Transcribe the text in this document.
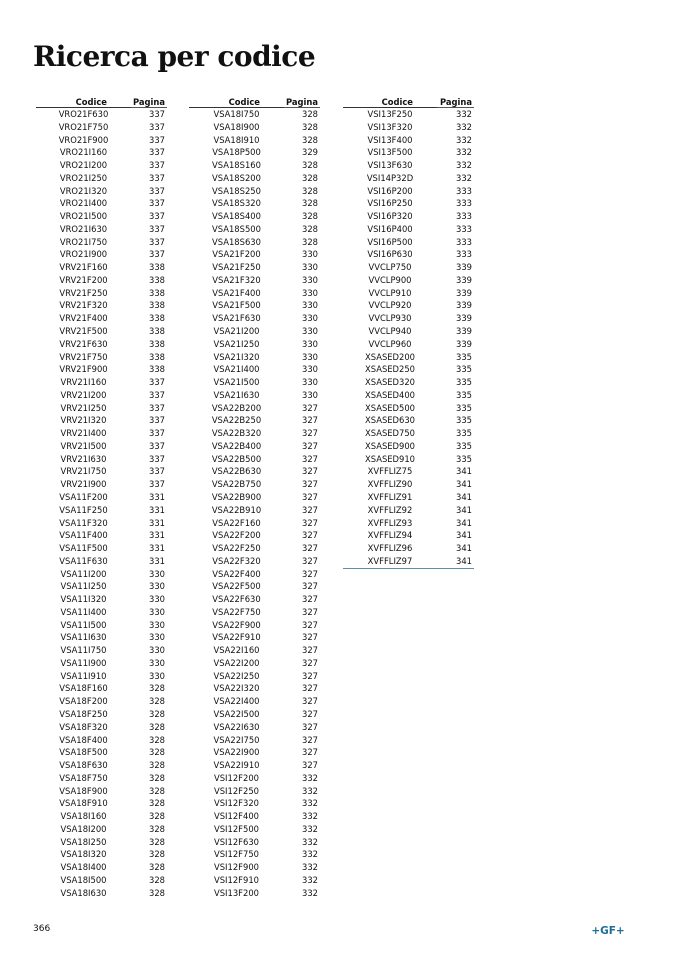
Ricerca per codice
Codice	Pagina
VRO21F630	337
VRO21F750	337
VRO21F900	337
VRO21I160	337
VRO21I200	337
VRO21I250	337
VRO21I320	337
VRO21I400	337
VRO21I500	337
VRO21I630	337
VRO21I750	337
VRO21I900	337
VRV21F160	338
VRV21F200	338
VRV21F250	338
VRV21F320	338
VRV21F400	338
VRV21F500	338
VRV21F630	338
VRV21F750	338
VRV21F900	338
VRV21I160	337
VRV21I200	337
VRV21I250	337
VRV21I320	337
VRV21I400	337
VRV21I500	337
VRV21I630	337
VRV21I750	337
VRV21I900	337
VSA11F200	331
VSA11F250	331
VSA11F320	331
VSA11F400	331
VSA11F500	331
VSA11F630	331
VSA11I200	330
VSA11I250	330
VSA11I320	330
VSA11I400	330
VSA11I500	330
VSA11I630	330
VSA11I750	330
VSA11I900	330
VSA11I910	330
VSA18F160	328
VSA18F200	328
VSA18F250	328
VSA18F320	328
VSA18F400	328
VSA18F500	328
VSA18F630	328
VSA18F750	328
VSA18F900	328
VSA18F910	328
VSA18I160	328
VSA18I200	328
VSA18I250	328
VSA18I320	328
VSA18I400	328
VSA18I500	328
VSA18I630	328
Codice	Pagina
VSA18I750	328
VSA18I900	328
VSA18I910	328
VSA18P500	329
VSA18S160	328
VSA18S200	328
VSA18S250	328
VSA18S320	328
VSA18S400	328
VSA18S500	328
VSA18S630	328
VSA21F200	330
VSA21F250	330
VSA21F320	330
VSA21F400	330
VSA21F500	330
VSA21F630	330
VSA21I200	330
VSA21I250	330
VSA21I320	330
VSA21I400	330
VSA21I500	330
VSA21I630	330
VSA22B200	327
VSA22B250	327
VSA22B320	327
VSA22B400	327
VSA22B500	327
VSA22B630	327
VSA22B750	327
VSA22B900	327
VSA22B910	327
VSA22F160	327
VSA22F200	327
VSA22F250	327
VSA22F320	327
VSA22F400	327
VSA22F500	327
VSA22F630	327
VSA22F750	327
VSA22F900	327
VSA22F910	327
VSA22I160	327
VSA22I200	327
VSA22I250	327
VSA22I320	327
VSA22I400	327
VSA22I500	327
VSA22I630	327
VSA22I750	327
VSA22I900	327
VSA22I910	327
VSI12F200	332
VSI12F250	332
VSI12F320	332
VSI12F400	332
VSI12F500	332
VSI12F630	332
VSI12F750	332
VSI12F900	332
VSI12F910	332
VSI13F200	332
Codice	Pagina
VSI13F250	332
VSI13F320	332
VSI13F400	332
VSI13F500	332
VSI13F630	332
VSI14P32D	332
VSI16P200	333
VSI16P250	333
VSI16P320	333
VSI16P400	333
VSI16P500	333
VSI16P630	333
VVCLP750	339
VVCLP900	339
VVCLP910	339
VVCLP920	339
VVCLP930	339
VVCLP940	339
VVCLP960	339
XSASED200	335
XSASED250	335
XSASED320	335
XSASED400	335
XSASED500	335
XSASED630	335
XSASED750	335
XSASED900	335
XSASED910	335
XVFFLIZ75	341
XVFFLIZ90	341
XVFFLIZ91	341
XVFFLIZ92	341
XVFFLIZ93	341
XVFFLIZ94	341
XVFFLIZ96	341
XVFFLIZ97	341
366	+GF+
